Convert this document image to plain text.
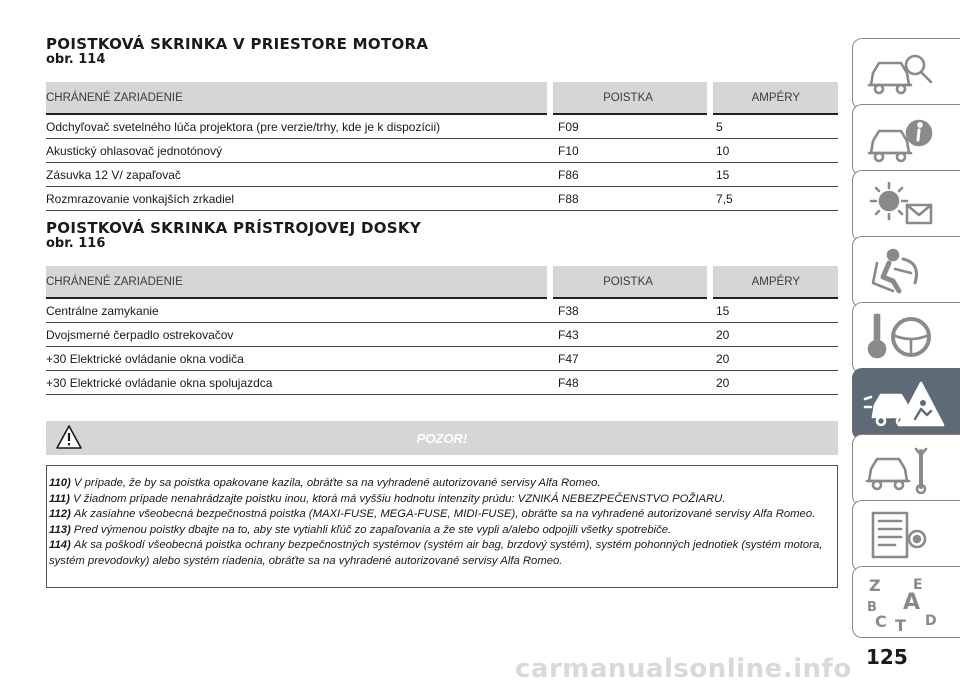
POISTKOVÁ SKRINKA V PRIESTORE MOTORA
obr. 114
CHRÁNENÉ ZARIADENIE	POISTKA	AMPÉRY
Odchyľovač svetelného lúča projektora (pre verzie/trhy, kde je k dispozícii)	F09	5
Akustický ohlasovač jednotónový	F10	10
Zásuvka 12 V/ zapaľovač	F86	15
Rozmrazovanie vonkajších zrkadiel	F88	7,5
POISTKOVÁ SKRINKA PRÍSTROJOVEJ DOSKY
obr. 116
CHRÁNENÉ ZARIADENIE	POISTKA	AMPÉRY
Centrálne zamykanie	F38	15
Dvojsmerné čerpadlo ostrekovačov	F43	20
+30 Elektrické ovládanie okna vodiča	F47	20
+30 Elektrické ovládanie okna spolujazdca	F48	20
POZOR!
110) V prípade, že by sa poistka opakovane kazila, obráťte sa na vyhradené autorizované servisy Alfa Romeo.
111) V žiadnom prípade nenahrádzajte poistku inou, ktorá má vyššiu hodnotu intenzity prúdu: VZNIKÁ NEBEZPEČENSTVO POŽIARU.
112) Ak zasiahne všeobecná bezpečnostná poistka (MAXI-FUSE, MEGA-FUSE, MIDI-FUSE), obráťte sa na vyhradené autorizované servisy Alfa Romeo.
113) Pred výmenou poistky dbajte na to, aby ste vytiahli kľúč zo zapaľovania a že ste vypli a/alebo odpojili všetky spotrebiče.
114) Ak sa poškodí všeobecná poistka ochrany bezpečnostných systémov (systém air bag, brzdový systém), systém pohonných jednotiek (systém motora, systém prevodovky) alebo systém riadenia, obráťte sa na vyhradené autorizované servisy Alfa Romeo.
Z E
B A
C	D
T
carmanualsonline.info 125
